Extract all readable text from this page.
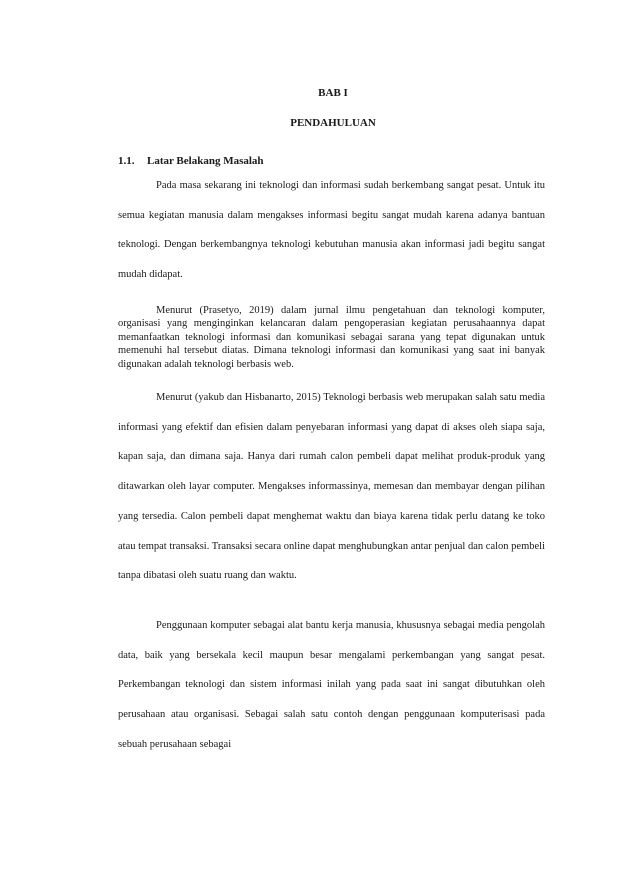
BAB I
PENDAHULUAN
1.1. Latar Belakang Masalah

Pada masa sekarang ini teknologi dan informasi sudah berkembang sangat pesat. Untuk itu semua kegiatan manusia dalam mengakses informasi begitu sangat mudah karena adanya bantuan teknologi. Dengan berkembangnya teknologi kebutuhan manusia akan informasi jadi begitu sangat mudah didapat.

Menurut (Prasetyo, 2019) dalam jurnal ilmu pengetahuan dan teknologi komputer, organisasi yang menginginkan kelancaran dalam pengoperasian kegiatan perusahaannya dapat memanfaatkan teknologi informasi dan komunikasi sebagai sarana yang tepat digunakan untuk memenuhi hal tersebut diatas. Dimana teknologi informasi dan komunikasi yang saat ini banyak digunakan adalah teknologi berbasis web.

Menurut (yakub dan Hisbanarto, 2015) Teknologi berbasis web merupakan salah satu media informasi yang efektif dan efisien dalam penyebaran informasi yang dapat di akses oleh siapa saja, kapan saja, dan dimana saja. Hanya dari rumah calon pembeli dapat melihat produk-produk yang ditawarkan oleh layar computer. Mengakses informassinya, memesan dan membayar dengan pilihan yang tersedia. Calon pembeli dapat menghemat waktu dan biaya karena tidak perlu datang ke toko atau tempat transaksi. Transaksi secara online dapat menghubungkan antar penjual dan calon pembeli tanpa dibatasi oleh suatu ruang dan waktu.

Penggunaan komputer sebagai alat bantu kerja manusia, khususnya sebagai media pengolah data, baik yang bersekala kecil maupun besar mengalami perkembangan yang sangat pesat. Perkembangan teknologi dan sistem informasi inilah yang pada saat ini sangat dibutuhkan oleh perusahaan atau organisasi. Sebagai salah satu contoh dengan penggunaan komputerisasi pada sebuah perusahaan sebagai
